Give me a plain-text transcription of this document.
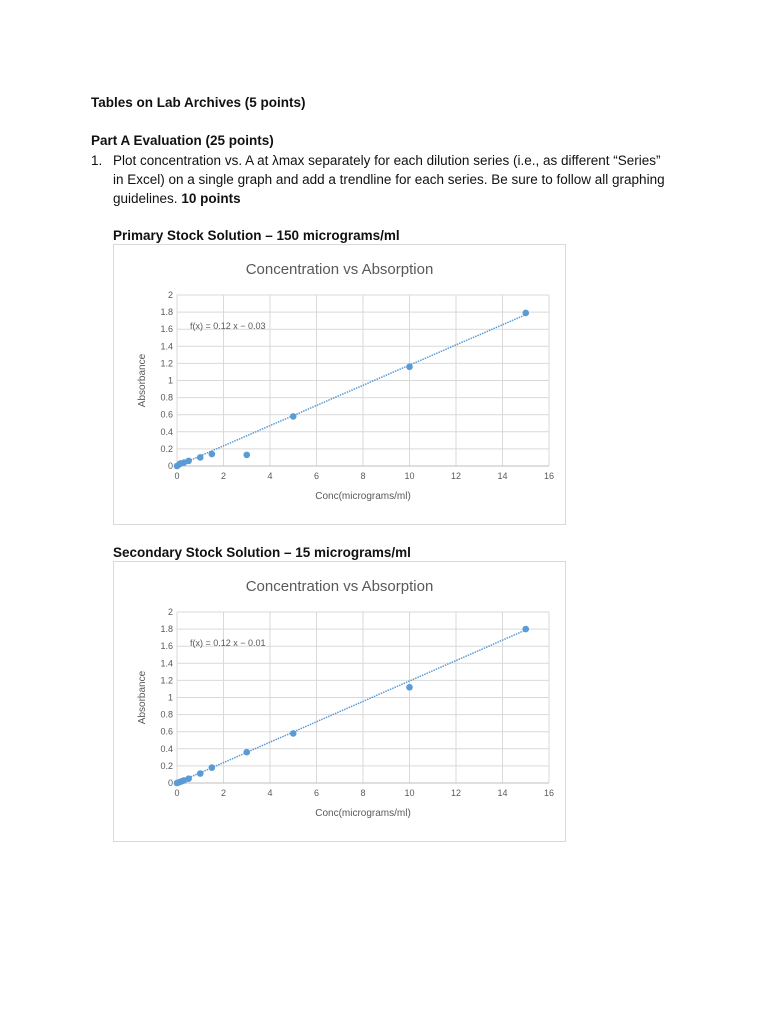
Tables on Lab Archives (5 points)
Part A Evaluation (25 points)
1. Plot concentration vs. A at λmax separately for each dilution series (i.e., as different “Series”
in Excel) on a single graph and add a trendline for each series. Be sure to follow all graphing
guidelines. 10 points
Primary Stock Solution – 150 micrograms/ml
Concentration vs Absorption
0
0.2
0.4
0.6
0.8
1
1.2
1.4
1.6
1.8
2
0	2	4	6	8	10	12	14	16
Conc(micrograms/ml)
Absorbance
f(x) = 0.12 x − 0.03
Secondary Stock Solution – 15 micrograms/ml
Concentration vs Absorption
0
0.2
0.4
0.6
0.8
1
1.2
1.4
1.6
1.8
2
0	2	4	6	8	10	12	14	16
Conc(micrograms/ml)
Absorbance
f(x) = 0.12 x − 0.01
